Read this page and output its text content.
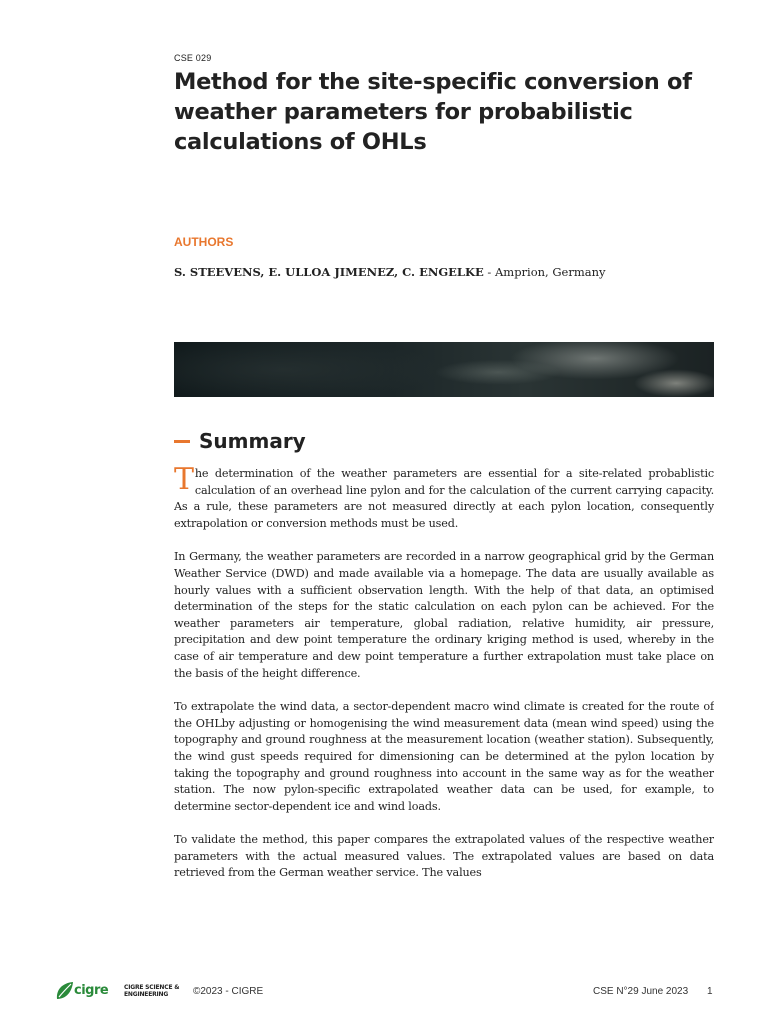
CSE 029
Method for the site-specific conversion of weather parameters for probabilistic calculations of OHLs
AUTHORS
S. STEEVENS, E. ULLOA JIMENEZ, C. ENGELKE - Amprion, Germany
Summary

The determination of the weather parameters are essential for a site-related probablistic calculation of an overhead line pylon and for the calculation of the current carrying capacity. As a rule, these parameters are not measured directly at each pylon location, consequently extrapolation or conversion methods must be used.

In Germany, the weather parameters are recorded in a narrow geographical grid by the German Weather Service (DWD) and made available via a homepage. The data are usually available as hourly values with a sufficient observation length. With the help of that data, an optimised determination of the steps for the static calculation on each pylon can be achieved. For the weather parameters air temperature, global radiation, relative humidity, air pressure, precipitation and dew point temperature the ordinary kriging method is used, whereby in the case of air temperature and dew point temperature a further extrapolation must take place on the basis of the height difference.

To extrapolate the wind data, a sector-dependent macro wind climate is created for the route of the OHLby adjusting or homogenising the wind measurement data (mean wind speed) using the topography and ground roughness at the measurement location (weather station). Subsequently, the wind gust speeds required for dimensioning can be determined at the pylon location by taking the topography and ground roughness into account in the same way as for the weather station. The now pylon-specific extrapolated weather data can be used, for example, to determine sector-dependent ice and wind loads.

To validate the method, this paper compares the extrapolated values of the respective weather parameters with the actual measured values. The extrapolated values are based on data retrieved from the German weather service. The values

cigre	CIGRE SCIENCE & ENGINEERING	©2023 - CIGRE	CSE N°29 June 2023 1
